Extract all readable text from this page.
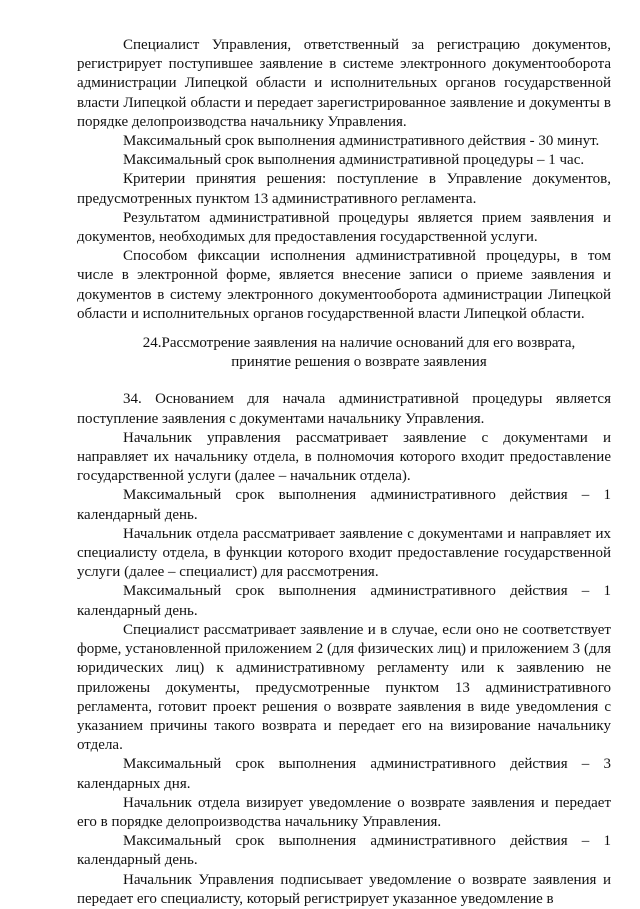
Специалист Управления, ответственный за регистрацию документов, регистрирует поступившее заявление в системе электронного документооборота администрации Липецкой области и исполнительных органов государственной власти Липецкой области и передает зарегистрированное заявление и документы в порядке делопроизводства начальнику Управления.

Максимальный срок выполнения административного действия - 30 минут.

Максимальный срок выполнения административной процедуры – 1 час.

Критерии принятия решения: поступление в Управление документов, предусмотренных пунктом 13 административного регламента.

Результатом административной процедуры является прием заявления и документов, необходимых для предоставления государственной услуги.

Способом фиксации исполнения административной процедуры, в том числе в электронной форме, является внесение записи о приеме заявления и документов в систему электронного документооборота администрации Липецкой области и исполнительных органов государственной власти Липецкой области.

24.Рассмотрение заявления на наличие оснований для его возврата,
принятие решения о возврате заявления

34. Основанием для начала административной процедуры является поступление заявления с документами начальнику Управления.

Начальник управления рассматривает заявление с документами и направляет их начальнику отдела, в полномочия которого входит предоставление государственной услуги (далее – начальник отдела).

Максимальный срок выполнения административного действия – 1 календарный день.

Начальник отдела рассматривает заявление с документами и направляет их специалисту отдела, в функции которого входит предоставление государственной услуги (далее – специалист) для рассмотрения.

Максимальный срок выполнения административного действия – 1 календарный день.

Специалист рассматривает заявление и в случае, если оно не соответствует форме, установленной приложением 2 (для физических лиц) и приложением 3 (для юридических лиц) к административному регламенту или к заявлению не приложены документы, предусмотренные пунктом 13 административного регламента, готовит проект решения о возврате заявления в виде уведомления с указанием причины такого возврата и передает его на визирование начальнику отдела.

Максимальный срок выполнения административного действия – 3 календарных дня.

Начальник отдела визирует уведомление о возврате заявления и передает его в порядке делопроизводства начальнику Управления.

Максимальный срок выполнения административного действия – 1 календарный день.

Начальник Управления подписывает уведомление о возврате заявления и передает его специалисту, который регистрирует указанное уведомление в
